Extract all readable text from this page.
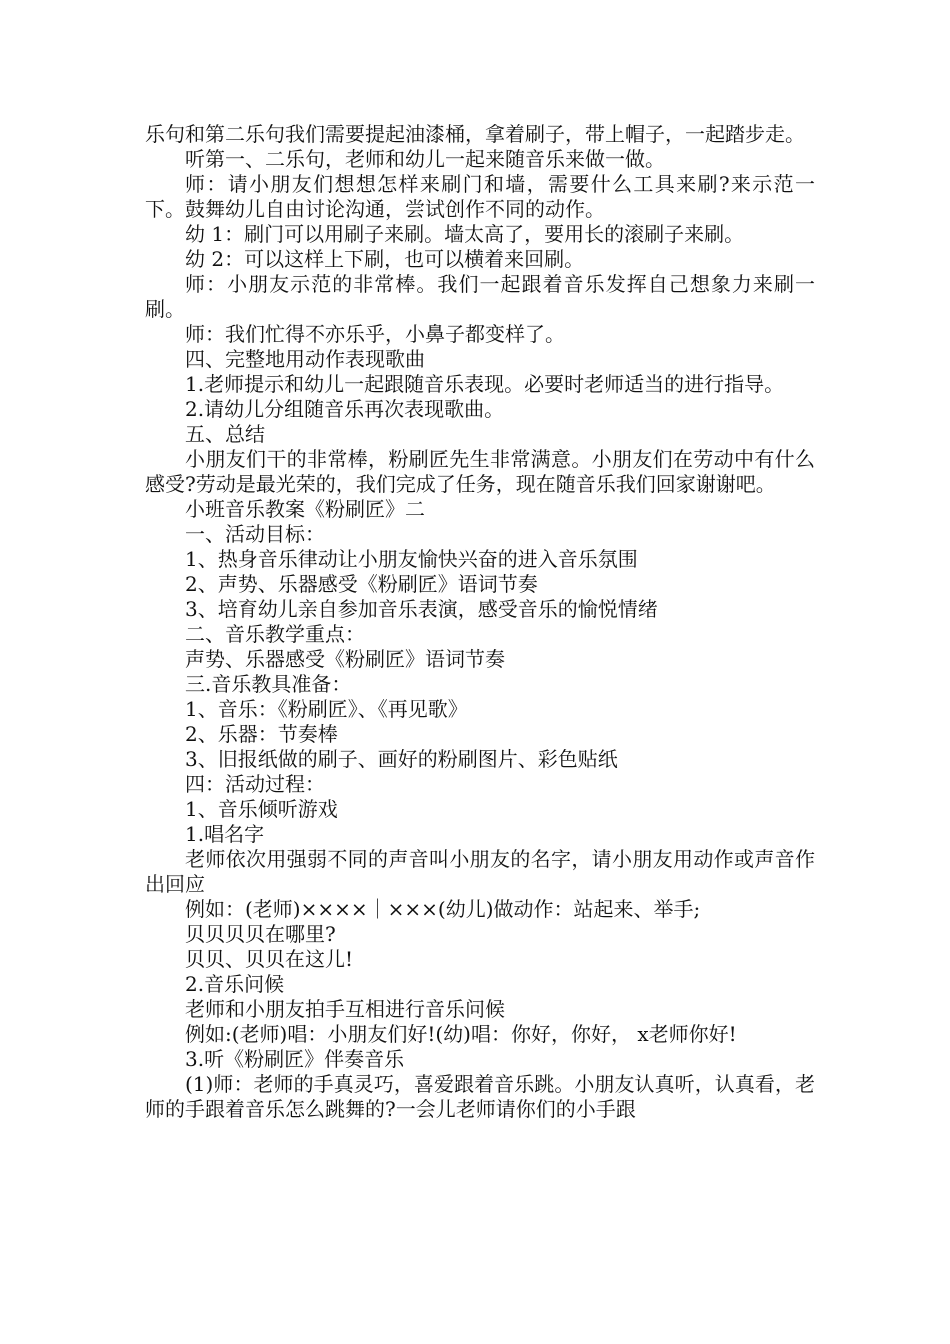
乐句和第二乐句我们需要提起油漆桶，拿着刷子，带上帽子，一起踏步走。

听第一、二乐句，老师和幼儿一起来随音乐来做一做。

师：请小朋友们想想怎样来刷门和墙，需要什么工具来刷?来示范一下。鼓舞幼儿自由讨论沟通，尝试创作不同的动作。

幼 1：刷门可以用刷子来刷。墙太高了，要用长的滚刷子来刷。

幼 2：可以这样上下刷，也可以横着来回刷。

师：小朋友示范的非常棒。我们一起跟着音乐发挥自己想象力来刷一刷。

师：我们忙得不亦乐乎，小鼻子都变样了。

四、完整地用动作表现歌曲

1.老师提示和幼儿一起跟随音乐表现。必要时老师适当的进行指导。

2.请幼儿分组随音乐再次表现歌曲。

五、总结

小朋友们干的非常棒，粉刷匠先生非常满意。小朋友们在劳动中有什么感受?劳动是最光荣的，我们完成了任务，现在随音乐我们回家谢谢吧。

小班音乐教案《粉刷匠》二

一、活动目标：

1、热身音乐律动让小朋友愉快兴奋的进入音乐氛围

2、声势、乐器感受《粉刷匠》语词节奏

3、培育幼儿亲自参加音乐表演，感受音乐的愉悦情绪

二、音乐教学重点：

声势、乐器感受《粉刷匠》语词节奏

三.音乐教具准备：

1、音乐：《粉刷匠》、《再见歌》

2、乐器：节奏棒

3、旧报纸做的刷子、画好的粉刷图片、彩色贴纸

四：活动过程：

1、音乐倾听游戏

1.唱名字

老师依次用强弱不同的声音叫小朋友的名字，请小朋友用动作或声音作出回应

例如：(老师)××××｜×××(幼儿)做动作：站起来、举手;

贝贝贝贝在哪里?

贝贝、贝贝在这儿!

2.音乐问候

老师和小朋友拍手互相进行音乐问候

例如:(老师)唱：小朋友们好!(幼)唱：你好，你好， x老师你好!

3.听《粉刷匠》伴奏音乐

(1)师：老师的手真灵巧，喜爱跟着音乐跳。小朋友认真听，认真看，老师的手跟着音乐怎么跳舞的?一会儿老师请你们的小手跟
